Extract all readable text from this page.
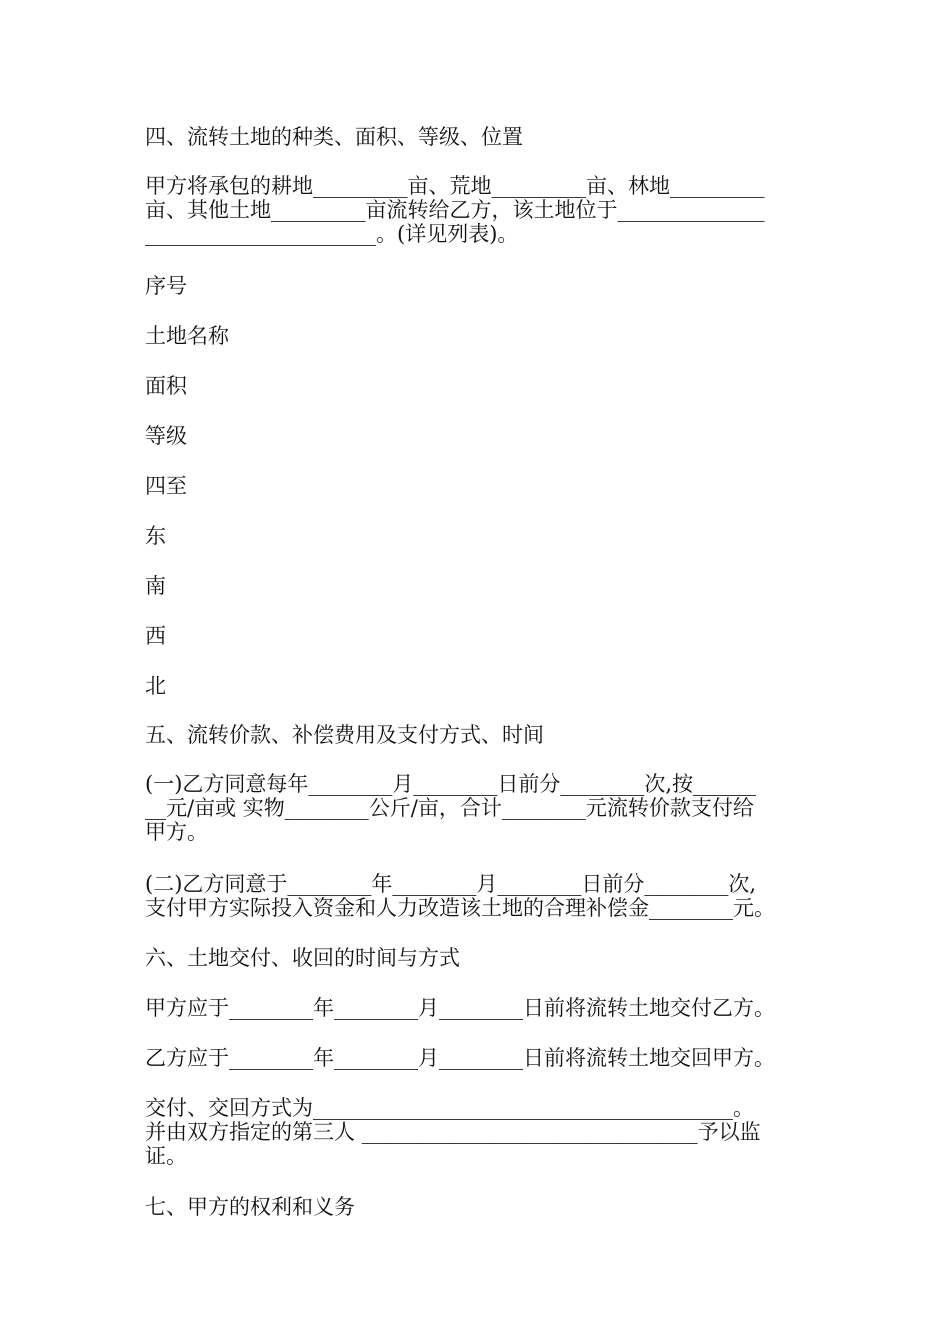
四、流转土地的种类、面积、等级、位置

甲方将承包的耕地_________亩、荒地_________亩、林地_________
亩、其他土地_________亩流转给乙方，该土地位于______________
______________________。(详见列表)。

序号

土地名称

面积

等级

四至

东

南

西

北

五、流转价款、补偿费用及支付方式、时间

(一)乙方同意每年________月________日前分________次,按______
__元/亩或 实物________公斤/亩，合计________元流转价款支付给
甲方。
(二)乙方同意于________年________月________日前分________次,
支付甲方实际投入资金和人力改造该土地的合理补偿金________元。

六、土地交付、收回的时间与方式

甲方应于________年________月________日前将流转土地交付乙方。

乙方应于________年________月________日前将流转土地交回甲方。

交付、交回方式为________________________________________。
并由双方指定的第三人 ________________________________予以监
证。

七、甲方的权利和义务
